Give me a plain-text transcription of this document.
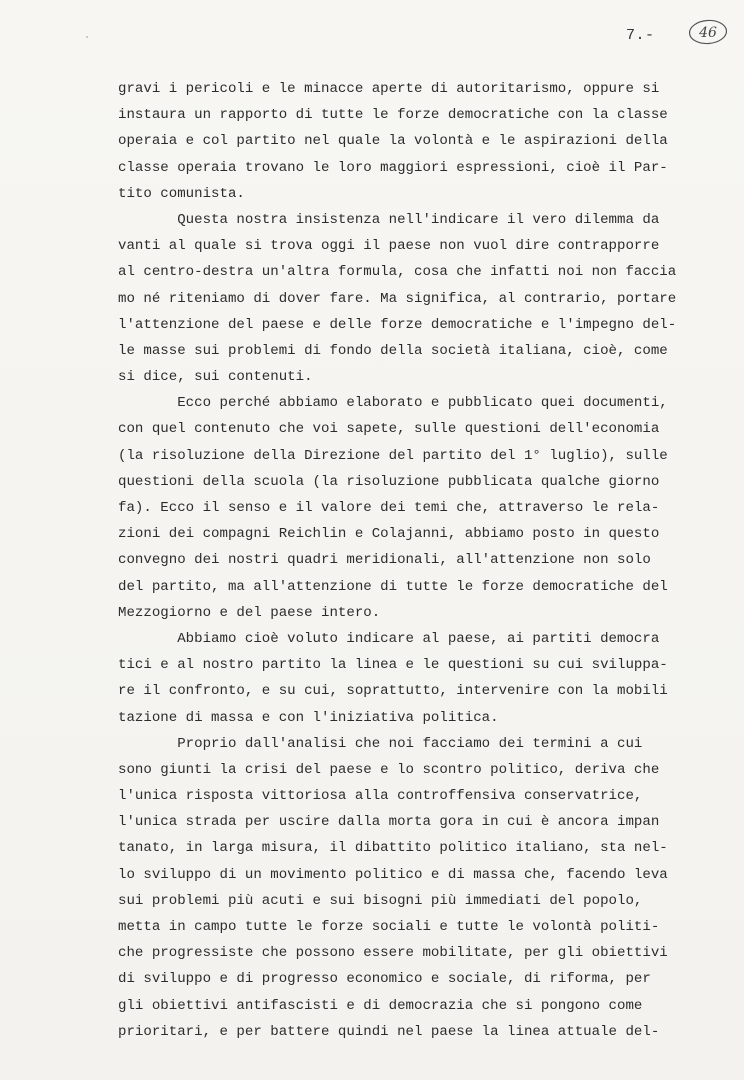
7.-	46
gravi i pericoli e le minacce aperte di autoritarismo, oppure si
instaura un rapporto di tutte le forze democratiche con la classe
operaia e col partito nel quale la volontà e le aspirazioni della
classe operaia trovano le loro maggiori espressioni, cioè il Par-
tito comunista.
Questa nostra insistenza nell'indicare il vero dilemma da
vanti al quale si trova oggi il paese non vuol dire contrapporre
al centro-destra un'altra formula, cosa che infatti noi non faccia
mo né riteniamo di dover fare. Ma significa, al contrario, portare
l'attenzione del paese e delle forze democratiche e l'impegno del-
le masse sui problemi di fondo della società italiana, cioè, come
si dice, sui contenuti.
Ecco perché abbiamo elaborato e pubblicato quei documenti,
con quel contenuto che voi sapete, sulle questioni dell'economia
(la risoluzione della Direzione del partito del 1° luglio), sulle
questioni della scuola (la risoluzione pubblicata qualche giorno
fa). Ecco il senso e il valore dei temi che, attraverso le rela-
zioni dei compagni Reichlin e Colajanni, abbiamo posto in questo
convegno dei nostri quadri meridionali, all'attenzione non solo
del partito, ma all'attenzione di tutte le forze democratiche del
Mezzogiorno e del paese intero.
Abbiamo cioè voluto indicare al paese, ai partiti democra
tici e al nostro partito la linea e le questioni su cui sviluppa-
re il confronto, e su cui, soprattutto, intervenire con la mobili
tazione di massa e con l'iniziativa politica.
Proprio dall'analisi che noi facciamo dei termini a cui
sono giunti la crisi del paese e lo scontro politico, deriva che
l'unica risposta vittoriosa alla controffensiva conservatrice,
l'unica strada per uscire dalla morta gora in cui è ancora impan
tanato, in larga misura, il dibattito politico italiano, sta nel-
lo sviluppo di un movimento politico e di massa che, facendo leva
sui problemi più acuti e sui bisogni più immediati del popolo,
metta in campo tutte le forze sociali e tutte le volontà politi-
che progressiste che possono essere mobilitate, per gli obiettivi
di sviluppo e di progresso economico e sociale, di riforma, per
gli obiettivi antifascisti e di democrazia che si pongono come
prioritari, e per battere quindi nel paese la linea attuale del-
